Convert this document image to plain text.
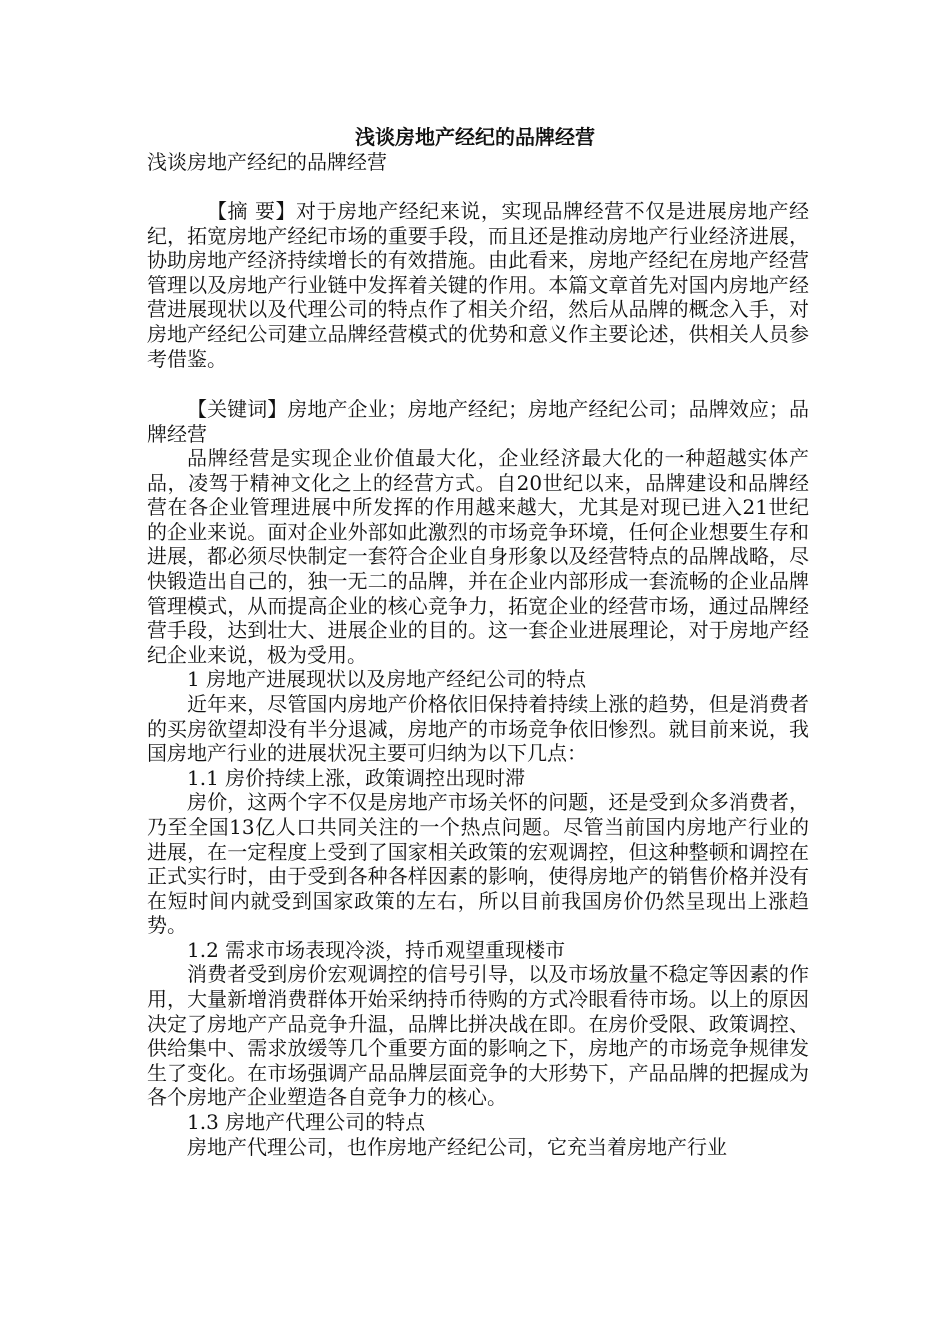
浅谈房地产经纪的品牌经营
浅谈房地产经纪的品牌经营
【摘 要】对于房地产经纪来说，实现品牌经营不仅是进展房地产经纪，拓宽房地产经纪市场的重要手段，而且还是推动房地产行业经济进展，协助房地产经济持续增长的有效措施。由此看来，房地产经纪在房地产经营管理以及房地产行业链中发挥着关键的作用。本篇文章首先对国内房地产经营进展现状以及代理公司的特点作了相关介绍，然后从品牌的概念入手，对房地产经纪公司建立品牌经营模式的优势和意义作主要论述，供相关人员参考借鉴。
【关键词】房地产企业；房地产经纪；房地产经纪公司；品牌效应；品牌经营

品牌经营是实现企业价值最大化，企业经济最大化的一种超越实体产品，凌驾于精神文化之上的经营方式。自20世纪以来，品牌建设和品牌经营在各企业管理进展中所发挥的作用越来越大，尤其是对现已进入21世纪的企业来说。面对企业外部如此激烈的市场竞争环境，任何企业想要生存和进展，都必须尽快制定一套符合企业自身形象以及经营特点的品牌战略，尽快锻造出自己的，独一无二的品牌，并在企业内部形成一套流畅的企业品牌管理模式，从而提高企业的核心竞争力，拓宽企业的经营市场，通过品牌经营手段，达到壮大、进展企业的目的。这一套企业进展理论，对于房地产经纪企业来说，极为受用。

1 房地产进展现状以及房地产经纪公司的特点

近年来，尽管国内房地产价格依旧保持着持续上涨的趋势，但是消费者的买房欲望却没有半分退减，房地产的市场竞争依旧惨烈。就目前来说，我国房地产行业的进展状况主要可归纳为以下几点：

1.1 房价持续上涨，政策调控出现时滞

房价，这两个字不仅是房地产市场关怀的问题，还是受到众多消费者，乃至全国13亿人口共同关注的一个热点问题。尽管当前国内房地产行业的进展，在一定程度上受到了国家相关政策的宏观调控，但这种整顿和调控在正式实行时，由于受到各种各样因素的影响，使得房地产的销售价格并没有在短时间内就受到国家政策的左右，所以目前我国房价仍然呈现出上涨趋势。

1.2 需求市场表现冷淡，持币观望重现楼市

消费者受到房价宏观调控的信号引导，以及市场放量不稳定等因素的作用，大量新增消费群体开始采纳持币待购的方式冷眼看待市场。以上的原因决定了房地产产品竞争升温，品牌比拼决战在即。在房价受限、政策调控、供给集中、需求放缓等几个重要方面的影响之下，房地产的市场竞争规律发生了变化。在市场强调产品品牌层面竞争的大形势下，产品品牌的把握成为各个房地产企业塑造各自竞争力的核心。

1.3 房地产代理公司的特点

房地产代理公司，也作房地产经纪公司，它充当着房地产行业
